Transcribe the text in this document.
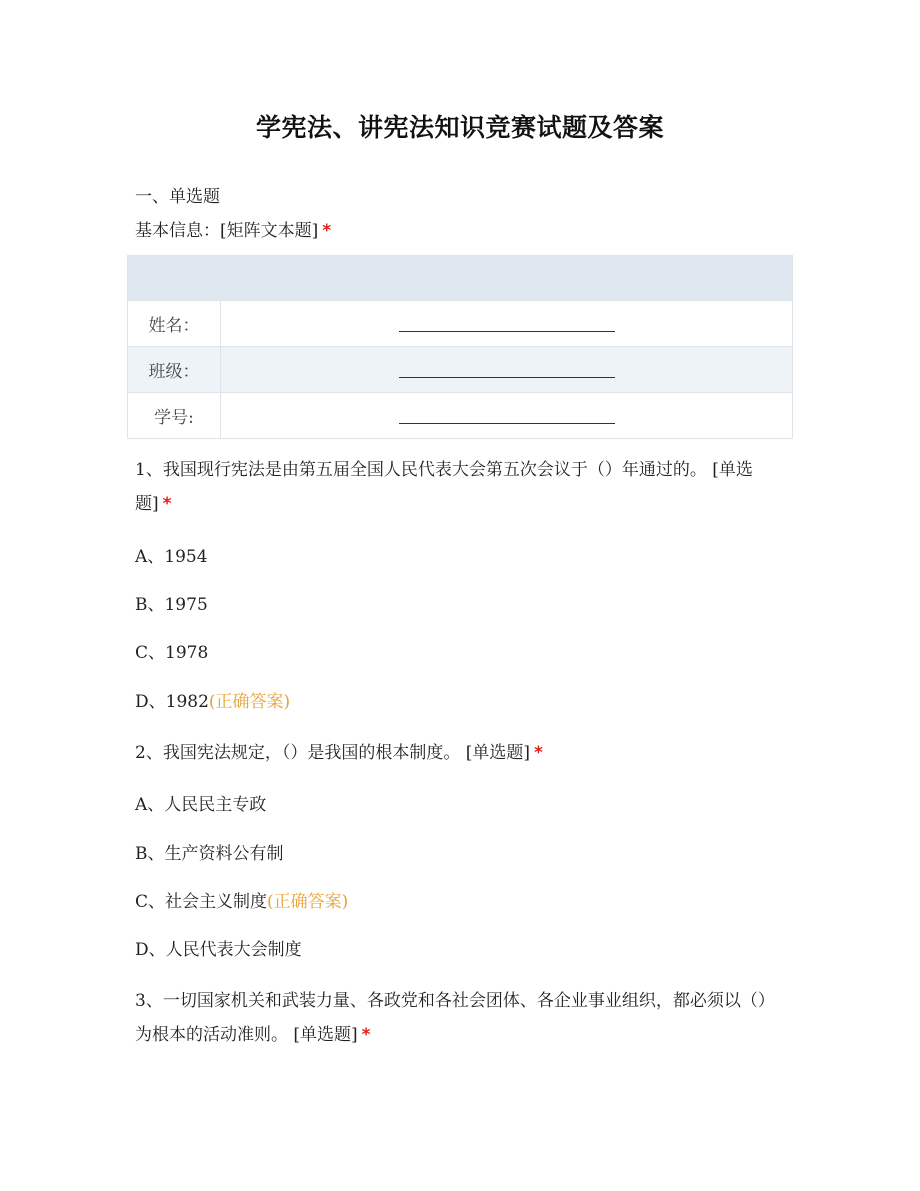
学宪法、讲宪法知识竞赛试题及答案
一、单选题
基本信息：[矩阵文本题] *

姓名：	
班级：	
学号:	
1、我国现行宪法是由第五届全国人民代表大会第五次会议于（）年通过的。 [单选题] *
A、1954
B、1975
C、1978
D、1982(正确答案)
2、我国宪法规定，（）是我国的根本制度。 [单选题] *
A、人民民主专政
B、生产资料公有制
C、社会主义制度(正确答案)
D、人民代表大会制度
3、一切国家机关和武装力量、各政党和各社会团体、各企业事业组织，都必须以（）为根本的活动准则。 [单选题] *
